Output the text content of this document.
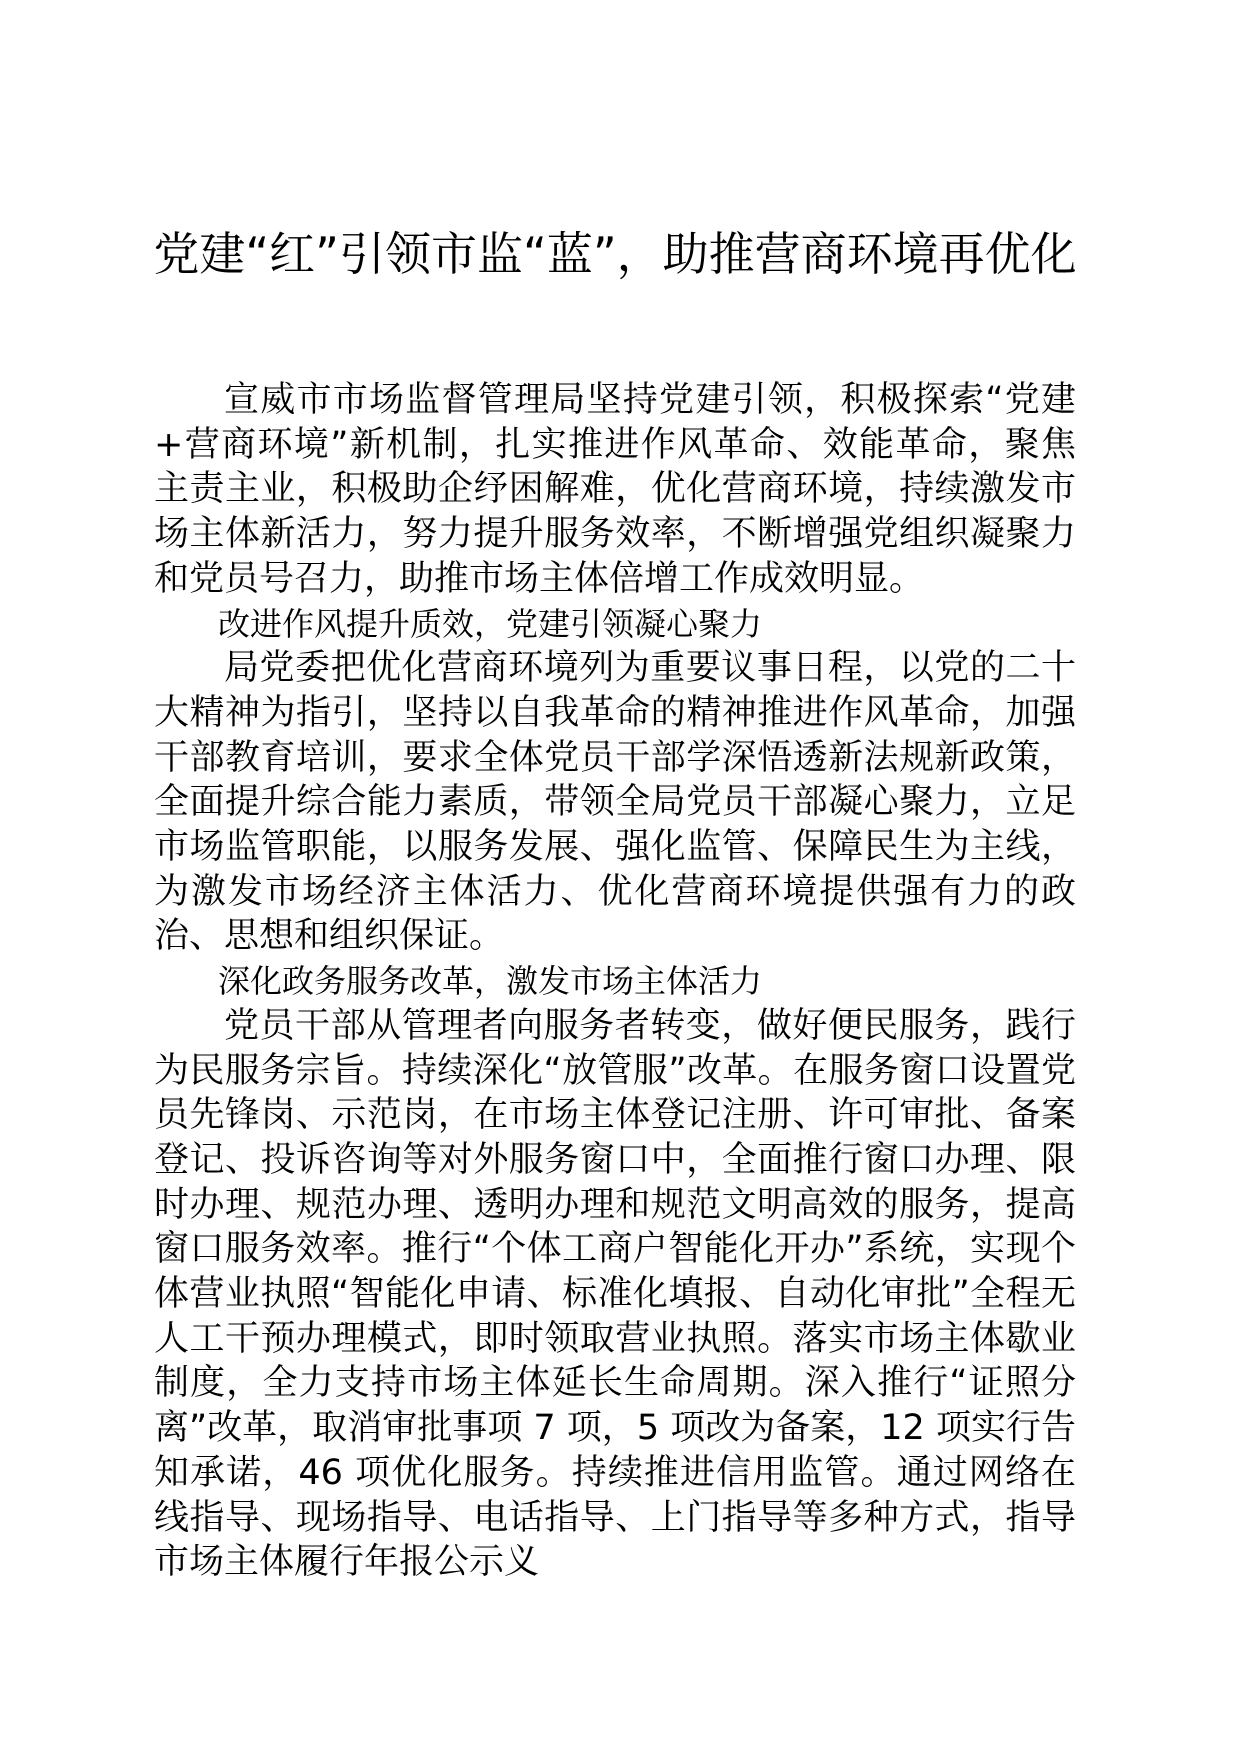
党建“红”引领市监“蓝”，助推营商环境再优化

宣威市市场监督管理局坚持党建引领，积极探索“党建+营商环境”新机制，扎实推进作风革命、效能革命，聚焦主责主业，积极助企纾困解难，优化营商环境，持续激发市场主体新活力，努力提升服务效率，不断增强党组织凝聚力和党员号召力，助推市场主体倍增工作成效明显。

改进作风提升质效，党建引领凝心聚力

局党委把优化营商环境列为重要议事日程，以党的二十大精神为指引，坚持以自我革命的精神推进作风革命，加强干部教育培训，要求全体党员干部学深悟透新法规新政策，全面提升综合能力素质，带领全局党员干部凝心聚力，立足市场监管职能，以服务发展、强化监管、保障民生为主线，为激发市场经济主体活力、优化营商环境提供强有力的政治、思想和组织保证。

深化政务服务改革，激发市场主体活力

党员干部从管理者向服务者转变，做好便民服务，践行为民服务宗旨。持续深化“放管服”改革。在服务窗口设置党员先锋岗、示范岗，在市场主体登记注册、许可审批、备案登记、投诉咨询等对外服务窗口中，全面推行窗口办理、限时办理、规范办理、透明办理和规范文明高效的服务，提高窗口服务效率。推行“个体工商户智能化开办”系统，实现个体营业执照“智能化申请、标准化填报、自动化审批”全程无人工干预办理模式，即时领取营业执照。落实市场主体歇业制度，全力支持市场主体延长生命周期。深入推行“证照分离”改革，取消审批事项 7 项，5 项改为备案，12 项实行告知承诺，46 项优化服务。持续推进信用监管。通过网络在线指导、现场指导、电话指导、上门指导等多种方式，指导市场主体履行年报公示义
